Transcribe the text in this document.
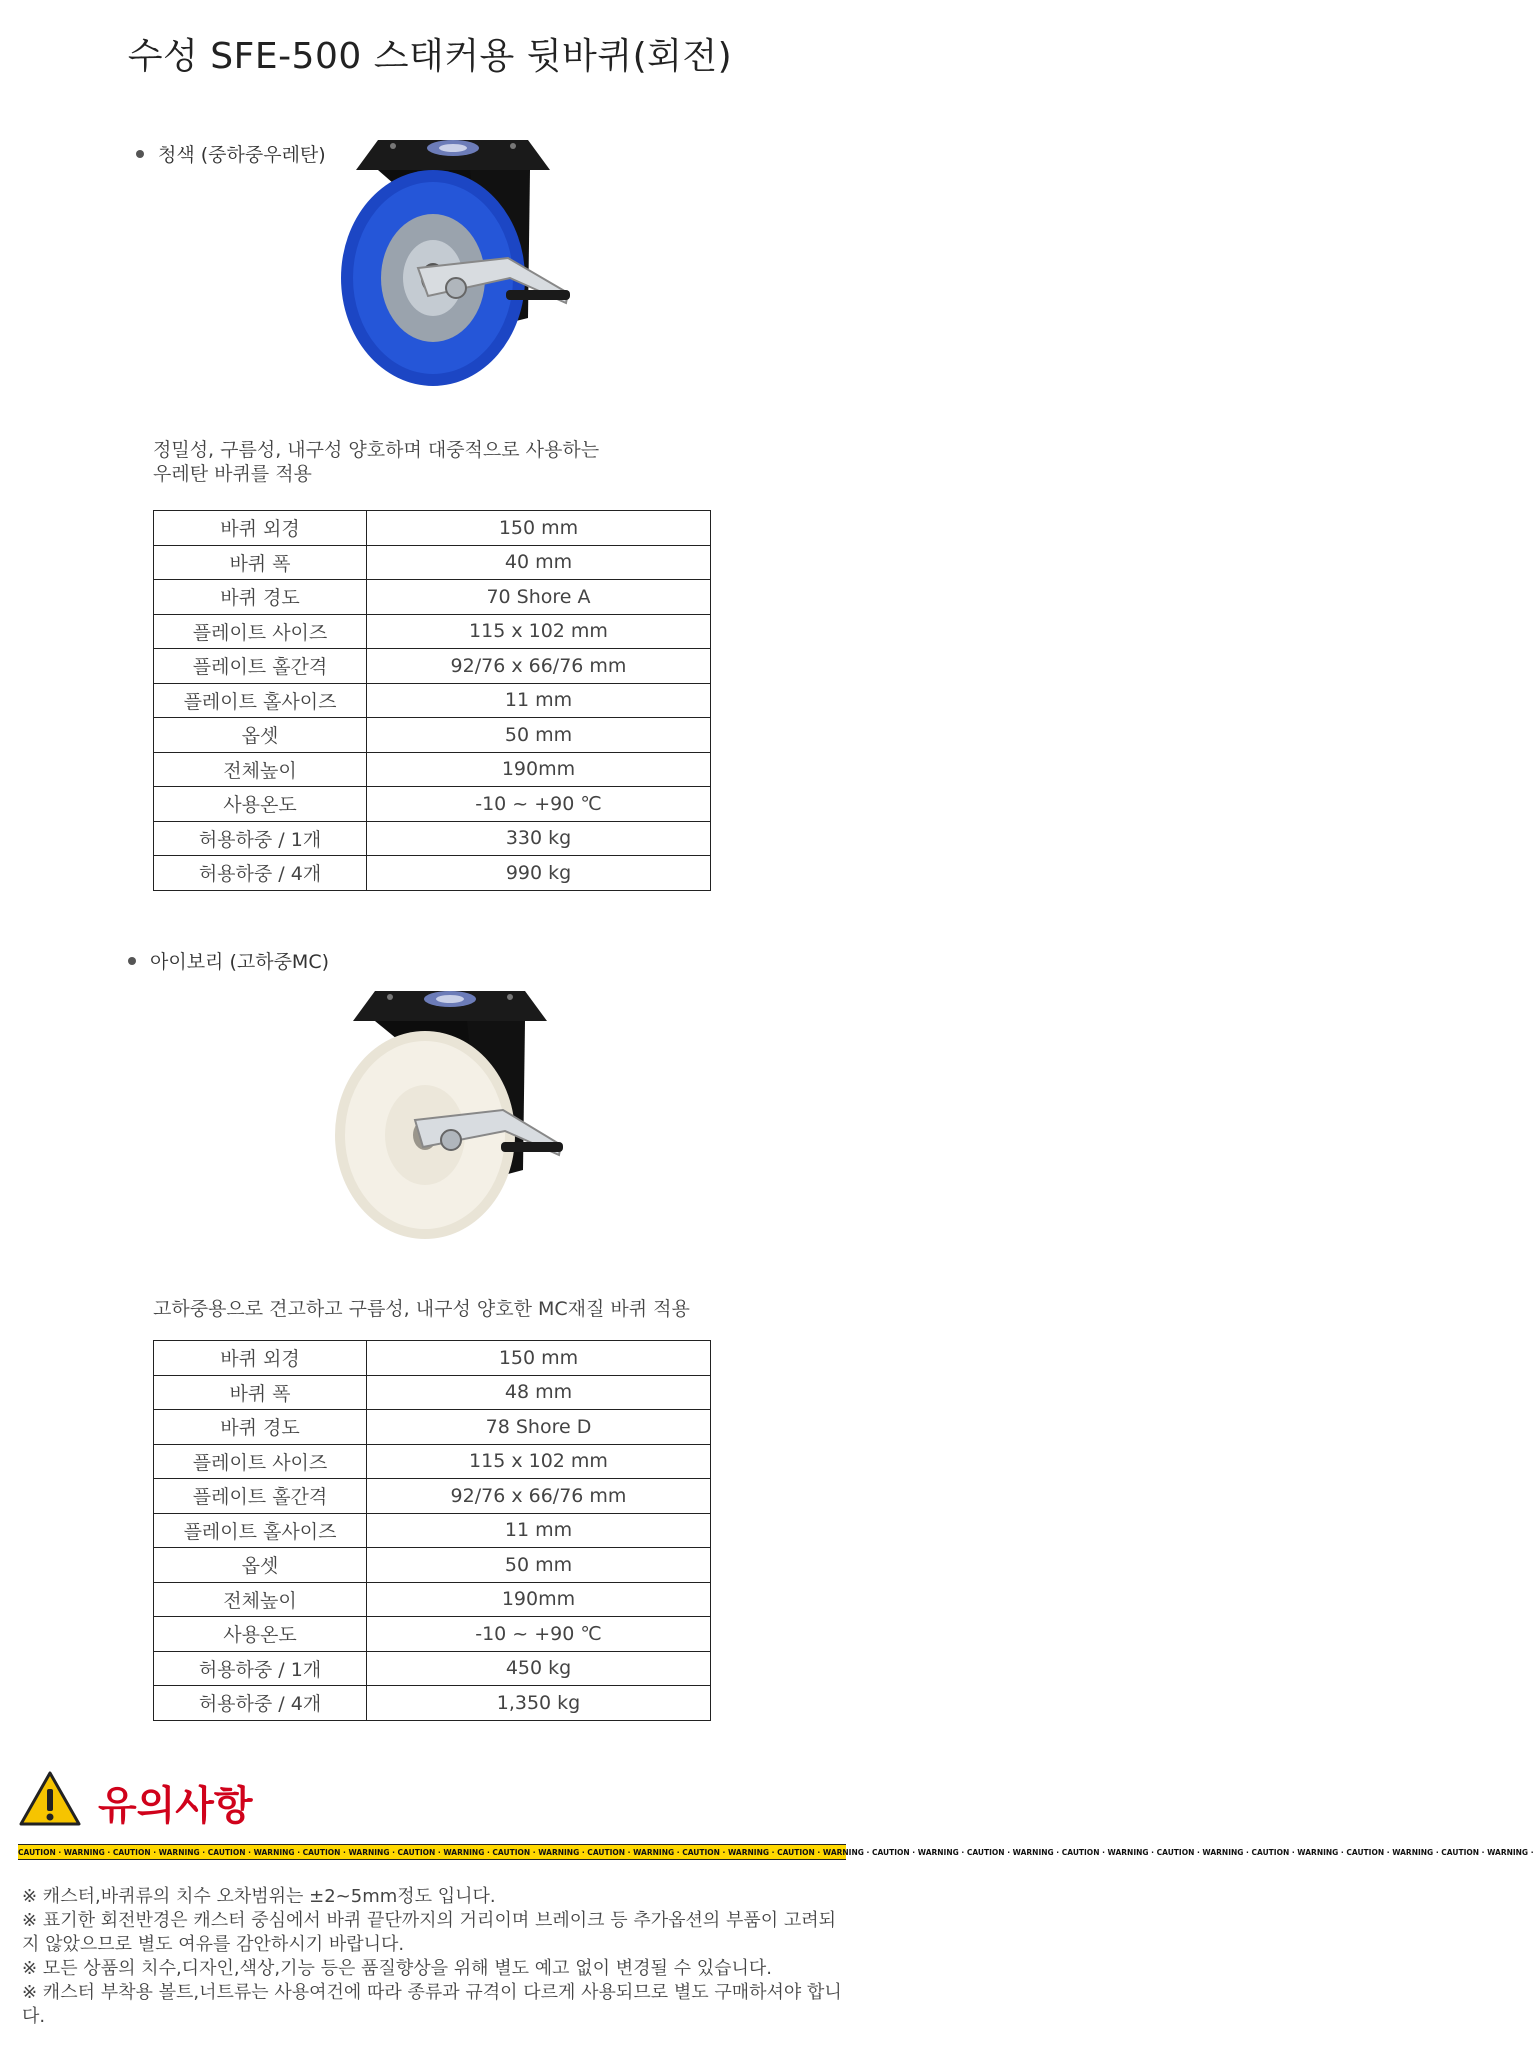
수성 SFE-500 스태커용 뒷바퀴(회전)
청색 (중하중우레탄)
정밀성, 구름성, 내구성 양호하며 대중적으로 사용하는
우레탄 바퀴를 적용
바퀴 외경	150 mm
바퀴 폭	40 mm
바퀴 경도	70 Shore A
플레이트 사이즈	115 x 102 mm
플레이트 홀간격	92/76 x 66/76 mm
플레이트 홀사이즈	11 mm
옵셋	50 mm
전체높이	190mm
사용온도	-10 ~ +90 ℃
허용하중 / 1개	330 kg
허용하중 / 4개	990 kg
아이보리 (고하중MC)
고하중용으로 견고하고 구름성, 내구성 양호한 MC재질 바퀴 적용
바퀴 외경	150 mm
바퀴 폭	48 mm
바퀴 경도	78 Shore D
플레이트 사이즈	115 x 102 mm
플레이트 홀간격	92/76 x 66/76 mm
플레이트 홀사이즈	11 mm
옵셋	50 mm
전체높이	190mm
사용온도	-10 ~ +90 ℃
허용하중 / 1개	450 kg
허용하중 / 4개	1,350 kg
유의사항
CAUTION · WARNING · CAUTION · WARNING · CAUTION · WARNING · CAUTION · WARNING · CAUTION · WARNING · CAUTION · WARNING · CAUTION · WARNING · CAUTION · WARNING · CAUTION · WARNING · CAUTION · WARNING · CAUTION · WARNING · CAUTION · WARNING · CAUTION · WARNING · CAUTION · WARNING · CAUTION · WARNING · CAUTION · WARNING ·

※ 캐스터,바퀴류의 치수 오차범위는 ±2~5mm정도 입니다.

※ 표기한 회전반경은 캐스터 중심에서 바퀴 끝단까지의 거리이며 브레이크 등 추가옵션의 부품이 고려되지 않았으므로 별도 여유를 감안하시기 바랍니다.

※ 모든 상품의 치수,디자인,색상,기능 등은 품질향상을 위해 별도 예고 없이 변경될 수 있습니다.

※ 캐스터 부착용 볼트,너트류는 사용여건에 따라 종류과 규격이 다르게 사용되므로 별도 구매하셔야 합니다.
